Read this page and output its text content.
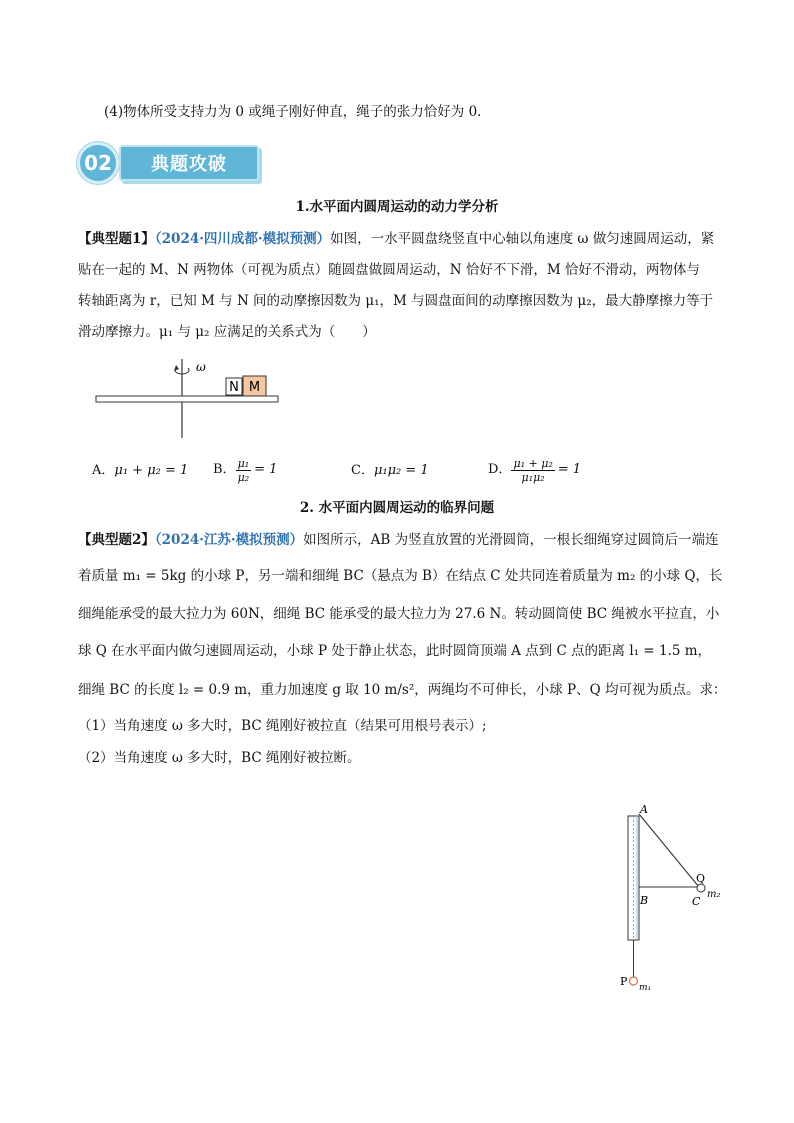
(4)物体所受支持力为 0 或绳子刚好伸直，绳子的张力恰好为 0.
02	典题攻破
1.水平面内圆周运动的动力学分析
【典型题1】（2024·四川成都·模拟预测）如图，一水平圆盘绕竖直中心轴以角速度 ω 做匀速圆周运动，紧
贴在一起的 M、N 两物体（可视为质点）随圆盘做圆周运动，N 恰好不下滑，M 恰好不滑动，两物体与
转轴距离为 r，已知 M 与 N 间的动摩擦因数为 μ₁，M 与圆盘面间的动摩擦因数为 μ₂，最大静摩擦力等于
滑动摩擦力。μ₁ 与 μ₂ 应满足的关系式为（　　）
ω
N M
A．μ₁ + μ₂ = 1 B． $\frac{\text{μ₁}}{\text{μ₂}} = 1$	C．μ₁μ₂ = 1	D． $\frac{\text{μ₁ + μ₂}}{\text{μ₁μ₂}} = 1$
2. 水平面内圆周运动的临界问题
【典型题2】（2024·江苏·模拟预测）如图所示，AB 为竖直放置的光滑圆筒，一根长细绳穿过圆筒后一端连
着质量 m₁ = 5kg 的小球 P，另一端和细绳 BC（悬点为 B）在结点 C 处共同连着质量为 m₂ 的小球 Q，长
细绳能承受的最大拉力为 60N，细绳 BC 能承受的最大拉力为 27.6 N。转动圆筒使 BC 绳被水平拉直，小
球 Q 在水平面内做匀速圆周运动，小球 P 处于静止状态，此时圆筒顶端 A 点到 C 点的距离 l₁ = 1.5 m，
细绳 BC 的长度 l₂ = 0.9 m，重力加速度 g 取 10 m/s²，两绳均不可伸长，小球 P、Q 均可视为质点。求：
（1）当角速度 ω 多大时，BC 绳刚好被拉直（结果可用根号表示）;
（2）当角速度 ω 多大时，BC 绳刚好被拉断。
A
B	C
Q
m₂
P m₁
